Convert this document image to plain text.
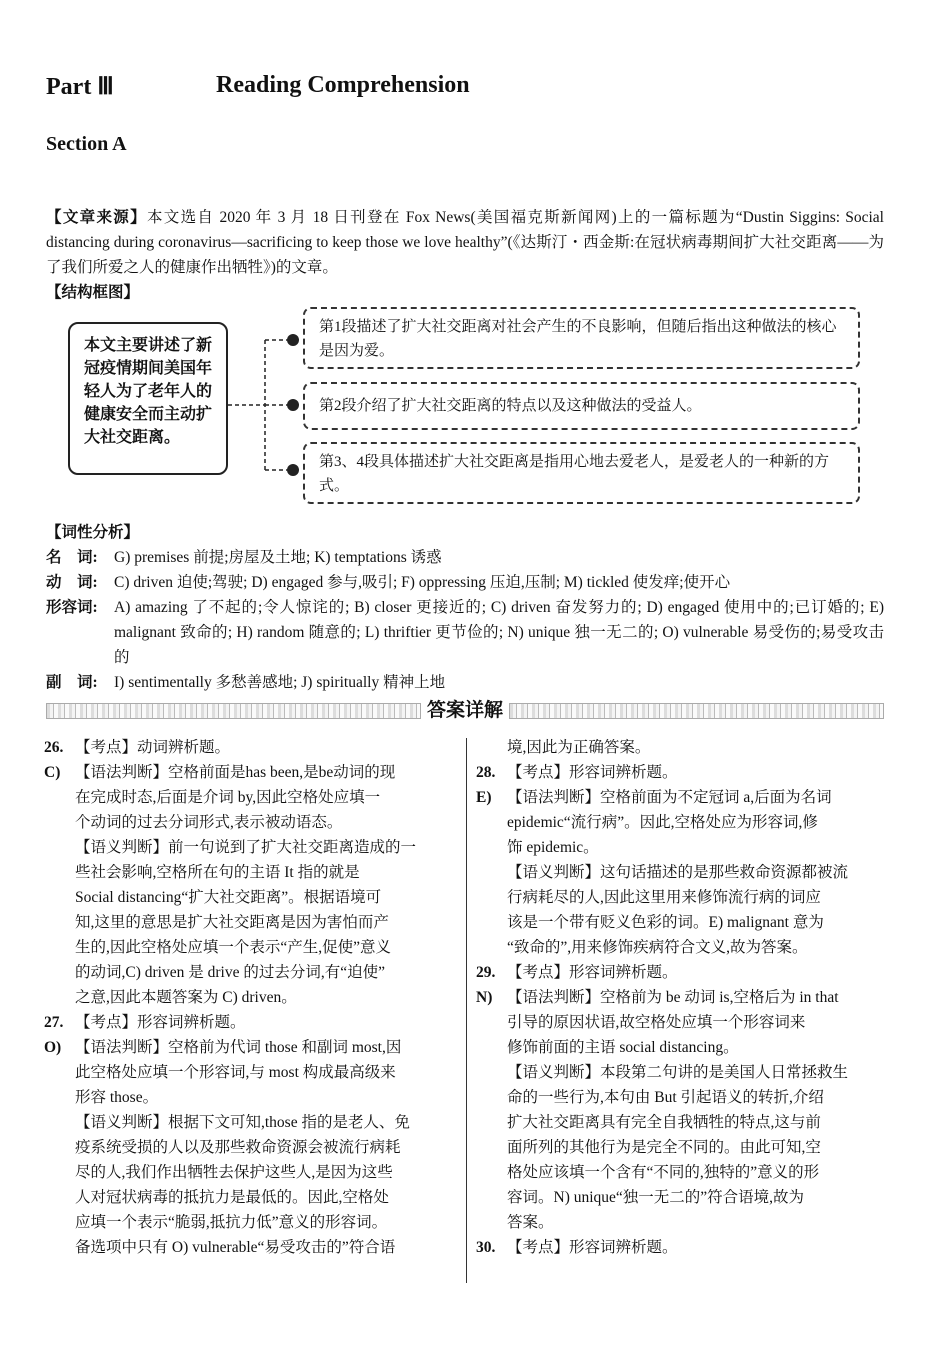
Part Ⅲ	Reading Comprehension
Section A
【文章来源】本文选自 2020 年 3 月 18 日刊登在 Fox News(美国福克斯新闻网)上的一篇标题为“Dustin Siggins: Social distancing during coronavirus—sacrificing to keep those we love healthy”(《达斯汀・西金斯:在冠状病毒期间扩大社交距离——为了我们所爱之人的健康作出牺牲》)的文章。
【结构框图】
本文主要讲述了新冠疫情期间美国年轻人为了老年人的健康安全而主动扩大社交距离。
第1段描述了扩大社交距离对社会产生的不良影响，但随后指出这种做法的核心是因为爱。
第2段介绍了扩大社交距离的特点以及这种做法的受益人。
第3、4段具体描述扩大社交距离是指用心地去爱老人，是爱老人的一种新的方式。
【词性分析】
名　词:	G) premises 前提;房屋及土地; K) temptations 诱惑
动　词:	C) driven 迫使;驾驶; D) engaged 参与,吸引; F) oppressing 压迫,压制; M) tickled 使发痒;使开心
形容词:	A) amazing 了不起的;令人惊诧的; B) closer 更接近的; C) driven 奋发努力的; D) engaged 使用中的;已订婚的; E) malignant 致命的; H) random 随意的; L) thriftier 更节俭的; N) unique 独一无二的; O) vulnerable 易受伤的;易受攻击的
副　词:	I) sentimentally 多愁善感地; J) spiritually 精神上地
答案详解
26. 【考点】动词辨析题。
C) 【语法判断】空格前面是has been,是be动词的现
在完成时态,后面是介词 by,因此空格处应填一
个动词的过去分词形式,表示被动语态。
【语义判断】前一句说到了扩大社交距离造成的一
些社会影响,空格所在句的主语 It 指的就是
Social distancing“扩大社交距离”。根据语境可
知,这里的意思是扩大社交距离是因为害怕而产
生的,因此空格处应填一个表示“产生,促使”意义
的动词,C) driven 是 drive 的过去分词,有“迫使”
之意,因此本题答案为 C) driven。
27. 【考点】形容词辨析题。
O) 【语法判断】空格前为代词 those 和副词 most,因
此空格处应填一个形容词,与 most 构成最高级来
形容 those。
【语义判断】根据下文可知,those 指的是老人、免
疫系统受损的人以及那些救命资源会被流行病耗
尽的人,我们作出牺牲去保护这些人,是因为这些
人对冠状病毒的抵抗力是最低的。因此,空格处
应填一个表示“脆弱,抵抗力低”意义的形容词。
备选项中只有 O) vulnerable“易受攻击的”符合语
境,因此为正确答案。
28. 【考点】形容词辨析题。
E)	【语法判断】空格前面为不定冠词 a,后面为名词
epidemic“流行病”。因此,空格处应为形容词,修
饰 epidemic。
【语义判断】这句话描述的是那些救命资源都被流
行病耗尽的人,因此这里用来修饰流行病的词应
该是一个带有贬义色彩的词。E) malignant 意为
“致命的”,用来修饰疾病符合文义,故为答案。
29. 【考点】形容词辨析题。
N) 【语法判断】空格前为 be 动词 is,空格后为 in that
引导的原因状语,故空格处应填一个形容词来
修饰前面的主语 social distancing。
【语义判断】本段第二句讲的是美国人日常拯救生
命的一些行为,本句由 But 引起语义的转折,介绍
扩大社交距离具有完全自我牺牲的特点,这与前
面所列的其他行为是完全不同的。由此可知,空
格处应该填一个含有“不同的,独特的”意义的形
容词。N) unique“独一无二的”符合语境,故为
答案。
30. 【考点】形容词辨析题。
